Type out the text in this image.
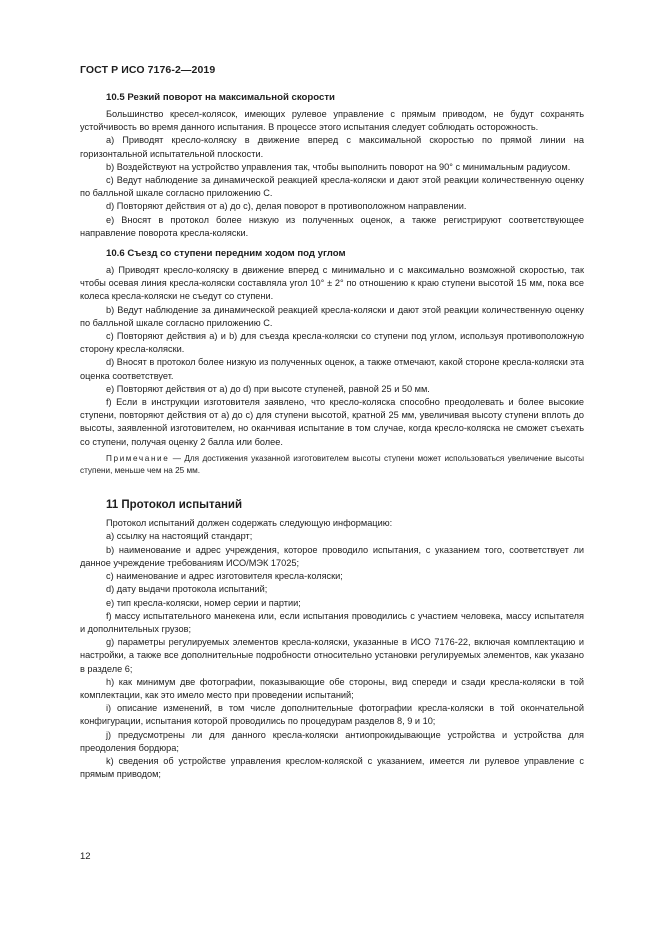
ГОСТ Р ИСО 7176-2—2019
10.5 Резкий поворот на максимальной скорости

Большинство кресел-колясок, имеющих рулевое управление с прямым приводом, не будут сохранять устойчивость во время данного испытания. В процессе этого испытания следует соблюдать осторожность.

a) Приводят кресло-коляску в движение вперед с максимальной скоростью по прямой линии на горизонтальной испытательной плоскости.

b) Воздействуют на устройство управления так, чтобы выполнить поворот на 90° с минимальным радиусом.

c) Ведут наблюдение за динамической реакцией кресла-коляски и дают этой реакции количественную оценку по балльной шкале согласно приложению С.

d) Повторяют действия от a) до c), делая поворот в противоположном направлении.

e) Вносят в протокол более низкую из полученных оценок, а также регистрируют соответствующее направление поворота кресла-коляски.

10.6 Съезд со ступени передним ходом под углом

a) Приводят кресло-коляску в движение вперед с минимально и с максимально возможной скоростью, так чтобы осевая линия кресла-коляски составляла угол 10° ± 2° по отношению к краю ступени высотой 15 мм, пока все колеса кресла-коляски не съедут со ступени.

b) Ведут наблюдение за динамической реакцией кресла-коляски и дают этой реакции количественную оценку по балльной шкале согласно приложению С.

c) Повторяют действия a) и b) для съезда кресла-коляски со ступени под углом, используя противоположную сторону кресла-коляски.

d) Вносят в протокол более низкую из полученных оценок, а также отмечают, какой стороне кресла-коляски эта оценка соответствует.

e) Повторяют действия от a) до d) при высоте ступеней, равной 25 и 50 мм.

f) Если в инструкции изготовителя заявлено, что кресло-коляска способно преодолевать и более высокие ступени, повторяют действия от a) до c) для ступени высотой, кратной 25 мм, увеличивая высоту ступени вплоть до высоты, заявленной изготовителем, но оканчивая испытание в том случае, когда кресло-коляска не сможет съехать со ступени, получая оценку 2 балла или более.

Примечание — Для достижения указанной изготовителем высоты ступени может использоваться увеличение высоты ступени, меньше чем на 25 мм.

11 Протокол испытаний

Протокол испытаний должен содержать следующую информацию:

a) ссылку на настоящий стандарт;

b) наименование и адрес учреждения, которое проводило испытания, с указанием того, соответствует ли данное учреждение требованиям ИСО/МЭК 17025;

c) наименование и адрес изготовителя кресла-коляски;

d) дату выдачи протокола испытаний;

e) тип кресла-коляски, номер серии и партии;

f) массу испытательного манекена или, если испытания проводились с участием человека, массу испытателя и дополнительных грузов;

g) параметры регулируемых элементов кресла-коляски, указанные в ИСО 7176-22, включая комплектацию и настройки, а также все дополнительные подробности относительно установки регулируемых элементов, как указано в разделе 6;

h) как минимум две фотографии, показывающие обе стороны, вид спереди и сзади кресла-коляски в той комплектации, как это имело место при проведении испытаний;

i) описание изменений, в том числе дополнительные фотографии кресла-коляски в той окончательной конфигурации, испытания которой проводились по процедурам разделов 8, 9 и 10;

j) предусмотрены ли для данного кресла-коляски антиопрокидывающие устройства и устройства для преодоления бордюра;

k) сведения об устройстве управления креслом-коляской с указанием, имеется ли рулевое управление с прямым приводом;

12
